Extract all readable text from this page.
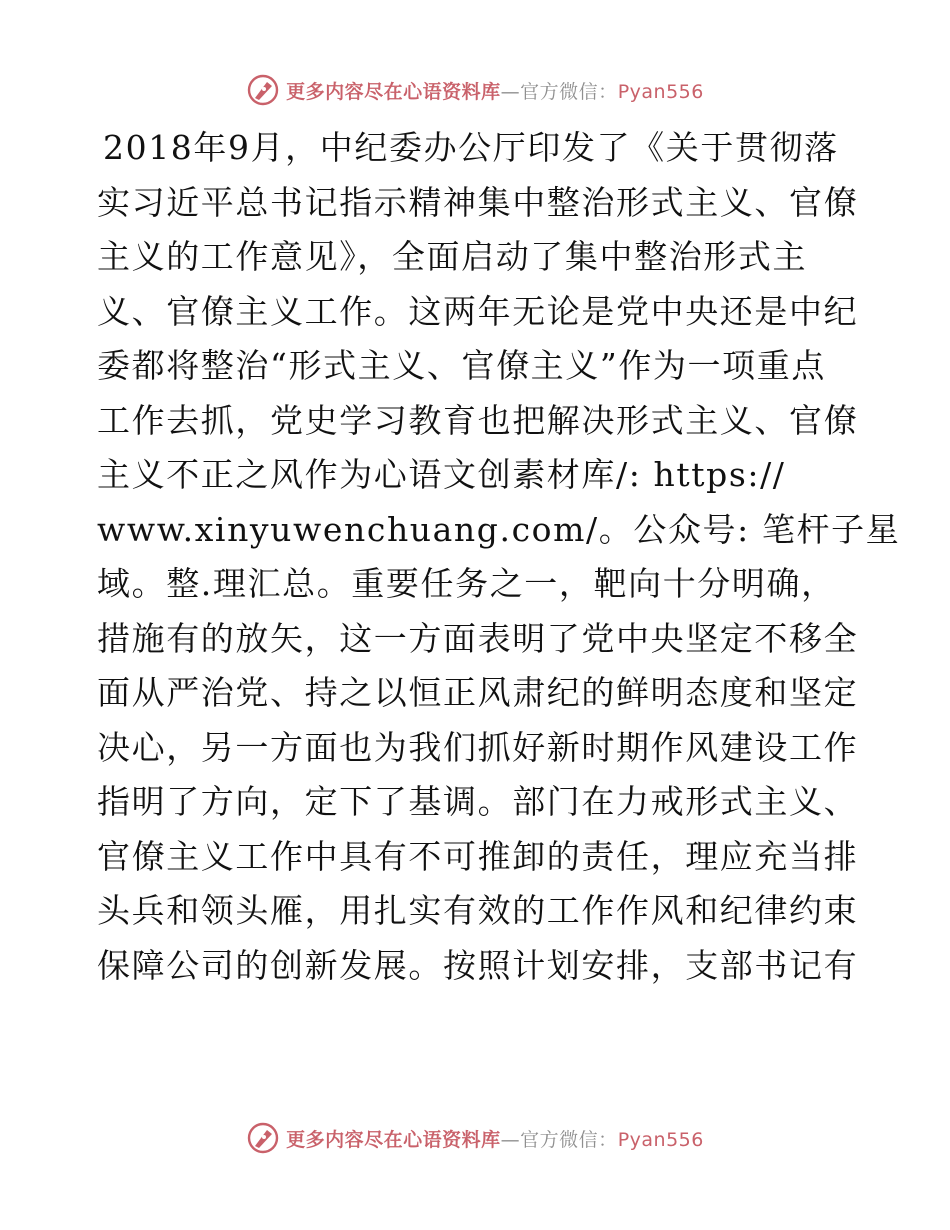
更多内容尽在心语资料库—官方微信：Pyan556
2018年9月，中纪委办公厅印发了《关于贯彻落
实习近平总书记指示精神集中整治形式主义、官僚
主义的工作意见》，全面启动了集中整治形式主
义、官僚主义工作。这两年无论是党中央还是中纪
委都将整治“形式主义、官僚主义”作为一项重点
工作去抓，党史学习教育也把解决形式主义、官僚
主义不正之风作为心语文创素材库/: https://
www.xinyuwenchuang.com/。公众号: 笔杆子星
域。整.理汇总。重要任务之一，靶向十分明确，
措施有的放矢，这一方面表明了党中央坚定不移全
面从严治党、持之以恒正风肃纪的鲜明态度和坚定
决心，另一方面也为我们抓好新时期作风建设工作
指明了方向，定下了基调。部门在力戒形式主义、
官僚主义工作中具有不可推卸的责任，理应充当排
头兵和领头雁，用扎实有效的工作作风和纪律约束
保障公司的创新发展。按照计划安排，支部书记有
更多内容尽在心语资料库—官方微信：Pyan556
